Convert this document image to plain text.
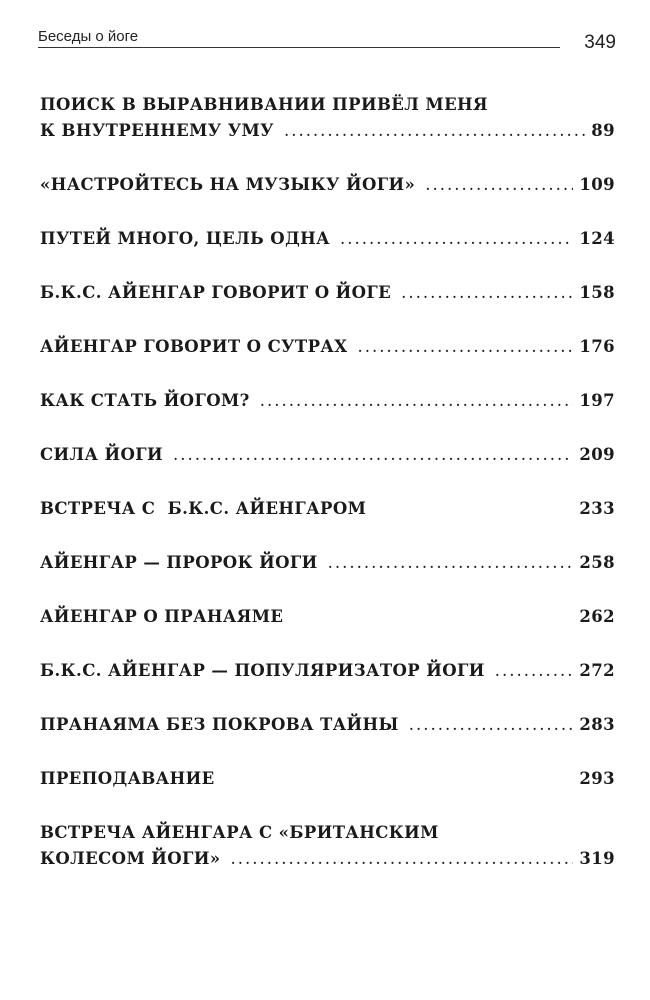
Беседы о йоге	349
ПОИСК В ВЫРАВНИВАНИИ ПРИВЁЛ МЕНЯ
К ВНУТРЕННЕМУ УМУ .....	89
«НАСТРОЙТЕСЬ НА МУЗЫКУ ЙОГИ» .....	109
ПУТЕЙ МНОГО, ЦЕЛЬ ОДНА .....	124
Б.К.С. АЙЕНГАР ГОВОРИТ О ЙОГЕ .....	158
АЙЕНГАР ГОВОРИТ О СУТРАХ .....	176
КАК СТАТЬ ЙОГОМ? .....	197
СИЛА ЙОГИ .....	209
ВСТРЕЧА С  Б.К.С. АЙЕНГАРОМ	233
АЙЕНГАР — ПРОРОК ЙОГИ .....	258
АЙЕНГАР О ПРАНАЯМЕ	262
Б.К.С. АЙЕНГАР — ПОПУЛЯРИЗАТОР ЙОГИ .....	272
ПРАНАЯМА БЕЗ ПОКРОВА ТАЙНЫ .....	283
ПРЕПОДАВАНИЕ	293
ВСТРЕЧА АЙЕНГАРА С «БРИТАНСКИМ
КОЛЕСОМ ЙОГИ» .....	319
